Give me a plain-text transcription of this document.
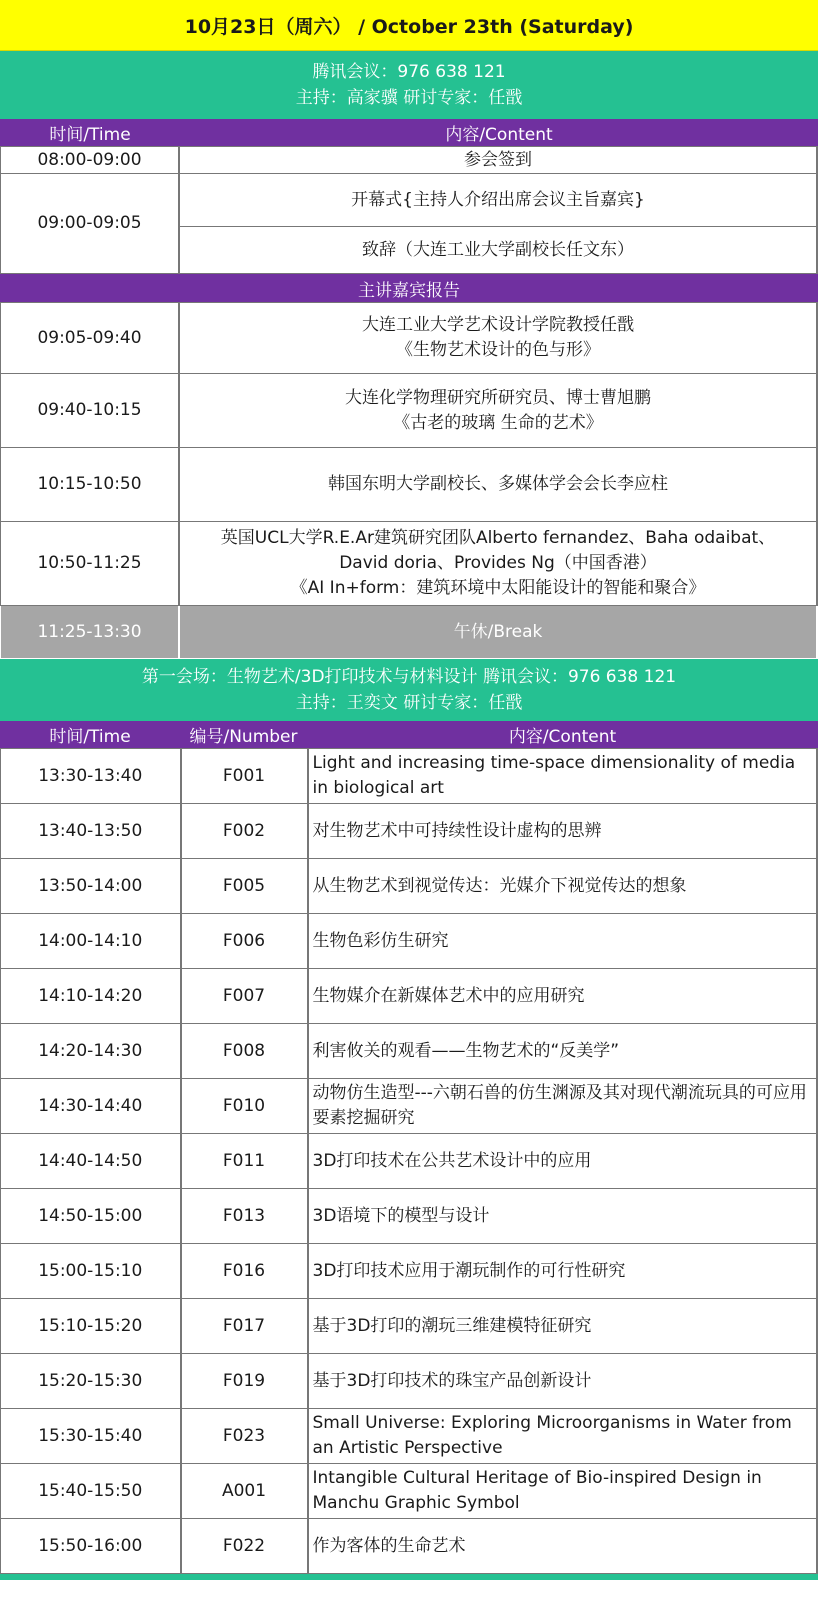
10月23日（周六） / October 23th (Saturday)
腾讯会议：976 638 121
主持：高家骥 研讨专家：任戬
时间/Time	内容/Content
08:00-09:00	参会签到
09:00-09:05	开幕式{主持人介绍出席会议主旨嘉宾}
	致辞（大连工业大学副校长任文东）
主讲嘉宾报告
09:05-09:40	大连工业大学艺术设计学院教授任戬
《生物艺术设计的色与形》

09:40-10:15	大连化学物理研究所研究员、博士曹旭鹏
《古老的玻璃 生命的艺术》

10:15-10:50	韩国东明大学副校长、多媒体学会会长李应柱

10:50-11:25	英国UCL大学R.E.Ar建筑研究团队Alberto fernandez、Baha odaibat、
David doria、Provides Ng（中国香港）
《AI In+form：建筑环境中太阳能设计的智能和聚合》

11:25-13:30	午休/Break
第一会场：生物艺术/3D打印技术与材料设计 腾讯会议：976 638 121
主持：王奕文 研讨专家：任戬
时间/Time	编号/Number	内容/Content
13:30-13:40	F001	Light and increasing time-space dimensionality of media in biological art
13:40-13:50	F002	对生物艺术中可持续性设计虚构的思辨
13:50-14:00	F005	从生物艺术到视觉传达：光媒介下视觉传达的想象
14:00-14:10	F006	生物色彩仿生研究
14:10-14:20	F007	生物媒介在新媒体艺术中的应用研究
14:20-14:30	F008	利害攸关的观看——生物艺术的“反美学”
14:30-14:40	F010	动物仿生造型---六朝石兽的仿生渊源及其对现代潮流玩具的可应用要素挖掘研究
14:40-14:50	F011	3D打印技术在公共艺术设计中的应用
14:50-15:00	F013	3D语境下的模型与设计
15:00-15:10	F016	3D打印技术应用于潮玩制作的可行性研究
15:10-15:20	F017	基于3D打印的潮玩三维建模特征研究
15:20-15:30	F019	基于3D打印技术的珠宝产品创新设计
15:30-15:40	F023	Small Universe: Exploring Microorganisms in Water from an Artistic Perspective
15:40-15:50	A001	Intangible Cultural Heritage of Bio-inspired Design in Manchu Graphic Symbol
15:50-16:00	F022	作为客体的生命艺术
